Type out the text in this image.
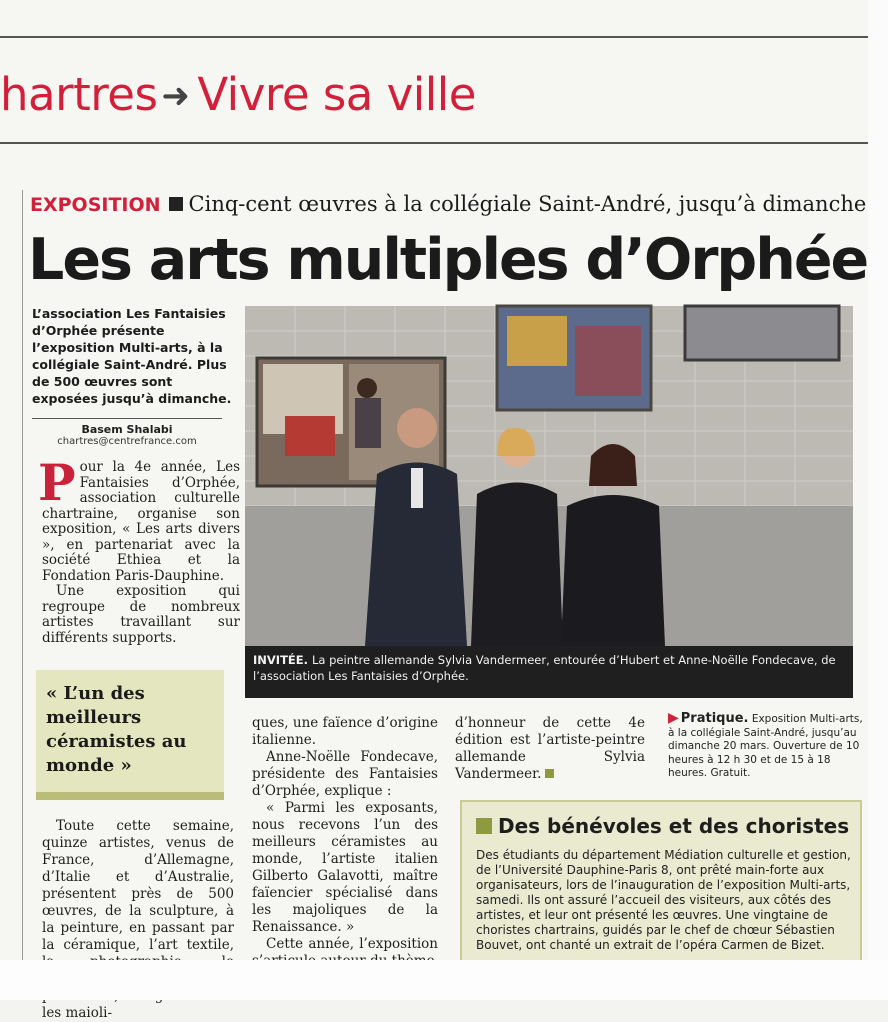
hartres ➜ Vivre sa ville
EXPOSITION Cinq-cent œuvres à la collégiale Saint-André, jusqu’à dimanche
Les arts multiples d’Orphée
L’association Les Fantaisies d’Orphée présente l’exposition Multi-arts, à la collégiale Saint-André. Plus de 500 œuvres sont exposées jusqu’à dimanche.
Basem Shalabi
chartres@centrefrance.com
P our la 4e année, Les Fantaisies d’Orphée, association culturelle chartraine, organise son exposition, « Les arts divers », en partenariat avec la société Ethiea et la Fondation Paris-Dauphine.

Une exposition qui regroupe de nombreux artistes travaillant sur différents supports.

« L’un des meilleurs céramistes au monde »

Toute cette semaine, quinze artistes, venus de France, d’Allemagne, d’Italie et d’Australie, présentent près de 500 œuvres, de la sculpture, à la peinture, en passant par la céramique, l’art textile, les maioli-

INVITÉE. La peintre allemande Sylvia Vandermeer, entourée d’Hubert et Anne-Noëlle Fondecave, de l’association Les Fantaisies d’Orphée.

ques, une faïence d’origine italienne.

Anne-Noëlle Fondecave, présidente des Fantaisies d’Orphée, explique :

« Parmi les exposants, nous recevons l’un des meilleurs céramistes au monde, l’artiste italien Gilberto Galavotti, maître faïencier spécialisé dans les majoliques de la Renaissance. »

Cette année, l’exposition

d’honneur de cette 4e édition est l’artiste-peintre allemande Sylvia Vandermeer.

▶ Pratique. Exposition Multi-arts, à la collégiale Saint-André, jusqu’au dimanche 20 mars. Ouverture de 10 heures à 12 h 30 et de 15 à 18 heures. Gratuit.
Des bénévoles et des choristes
Des étudiants du département Médiation culturelle et gestion, de l’Université Dauphine-Paris 8, ont prêté main-forte aux organisateurs, lors de l’inauguration de l’exposition Multi-arts, samedi. Ils ont assuré l’accueil des visiteurs, aux côtés des artistes, et leur ont présenté les œuvres. Une vingtaine de choristes chartrains, guidés par le chef de chœur Sébastien Bouvet, ont chanté un extrait de l’opéra Carmen de Bizet.
